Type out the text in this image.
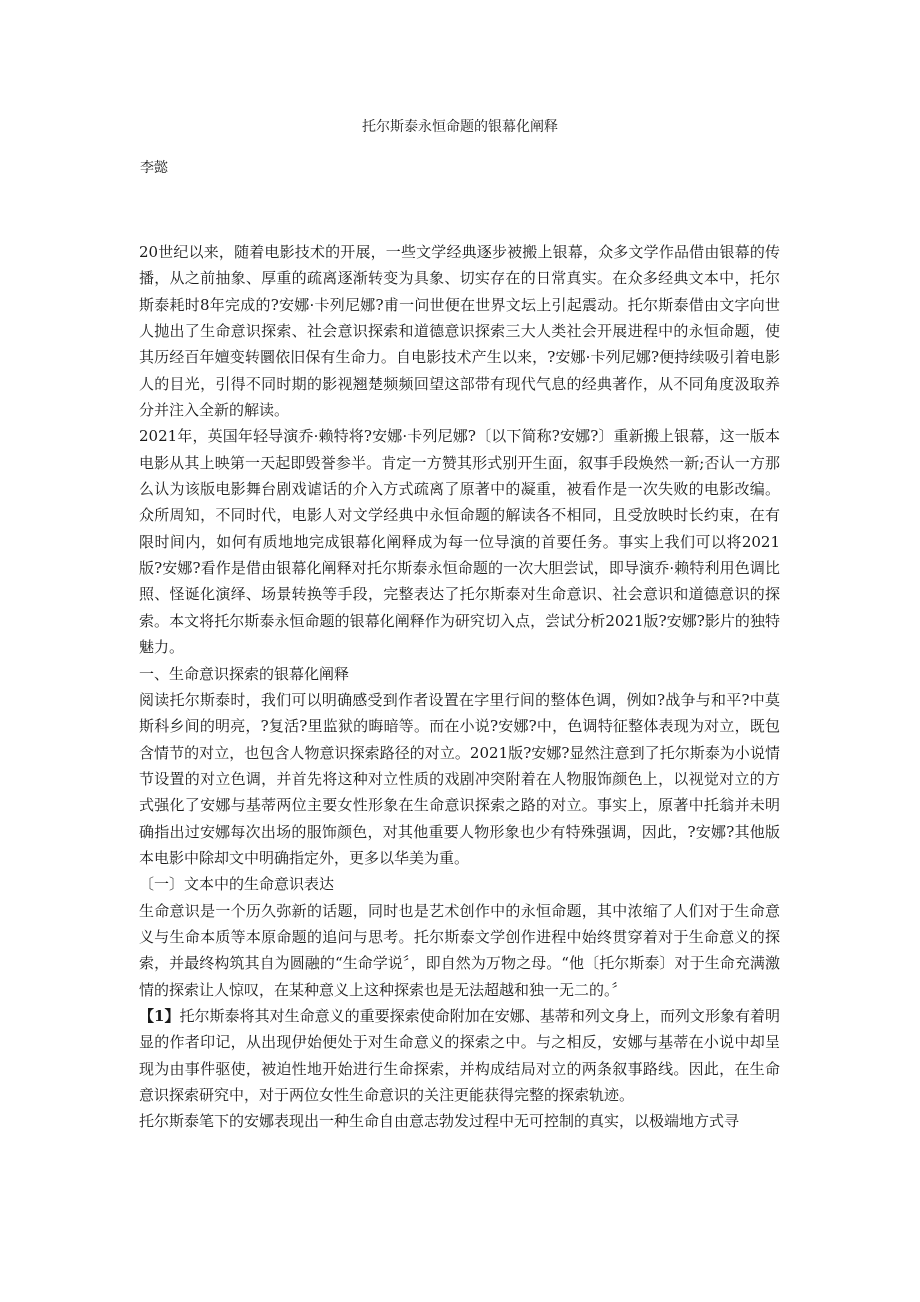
托尔斯泰永恒命题的银幕化阐释
李懿

20世纪以来，随着电影技术的开展，一些文学经典逐步被搬上银幕，众多文学作品借由银幕的传播，从之前抽象、厚重的疏离逐渐转变为具象、切实存在的日常真实。在众多经典文本中，托尔斯泰耗时8年完成的?安娜·卡列尼娜?甫一问世便在世界文坛上引起震动。托尔斯泰借由文字向世人抛出了生命意识探索、社会意识探索和道德意识探索三大人类社会开展进程中的永恒命题，使其历经百年嬗变转圜依旧保有生命力。自电影技术产生以来，?安娜·卡列尼娜?便持续吸引着电影人的目光，引得不同时期的影视翘楚频频回望这部带有现代气息的经典著作，从不同角度汲取养分并注入全新的解读。

2021年，英国年轻导演乔·赖特将?安娜·卡列尼娜?〔以下简称?安娜?〕重新搬上银幕，这一版本电影从其上映第一天起即毁誉参半。肯定一方赞其形式别开生面，叙事手段焕然一新;否认一方那么认为该版电影舞台剧戏谑话的介入方式疏离了原著中的凝重，被看作是一次失败的电影改编。众所周知，不同时代，电影人对文学经典中永恒命题的解读各不相同，且受放映时长约束，在有限时间内，如何有质地地完成银幕化阐释成为每一位导演的首要任务。事实上我们可以将2021版?安娜?看作是借由银幕化阐释对托尔斯泰永恒命题的一次大胆尝试，即导演乔·赖特利用色调比照、怪诞化演绎、场景转换等手段，完整表达了托尔斯泰对生命意识、社会意识和道德意识的探索。本文将托尔斯泰永恒命题的银幕化阐释作为研究切入点，尝试分析2021版?安娜?影片的独特魅力。

一、生命意识探索的银幕化阐释

阅读托尔斯泰时，我们可以明确感受到作者设置在字里行间的整体色调，例如?战争与和平?中莫斯科乡间的明亮，?复活?里监狱的晦暗等。而在小说?安娜?中，色调特征整体表现为对立，既包含情节的对立，也包含人物意识探索路径的对立。2021版?安娜?显然注意到了托尔斯泰为小说情节设置的对立色调，并首先将这种对立性质的戏剧冲突附着在人物服饰颜色上，以视觉对立的方式强化了安娜与基蒂两位主要女性形象在生命意识探索之路的对立。事实上，原著中托翁并未明确指出过安娜每次出场的服饰颜色，对其他重要人物形象也少有特殊强调，因此，?安娜?其他版本电影中除却文中明确指定外，更多以华美为重。

〔一〕文本中的生命意识表达

生命意识是一个历久弥新的话题，同时也是艺术创作中的永恒命题，其中浓缩了人们对于生命意义与生命本质等本原命题的追问与思考。托尔斯泰文学创作进程中始终贯穿着对于生命意义的探索，并最终构筑其自为圆融的“生命学说〞，即自然为万物之母。“他〔托尔斯泰〕对于生命充满激情的探索让人惊叹，在某种意义上这种探索也是无法超越和独一无二的。〞

【1】托尔斯泰将其对生命意义的重要探索使命附加在安娜、基蒂和列文身上，而列文形象有着明显的作者印记，从出现伊始便处于对生命意义的探索之中。与之相反，安娜与基蒂在小说中却呈现为由事件驱使，被迫性地开始进行生命探索，并构成结局对立的两条叙事路线。因此，在生命意识探索研究中，对于两位女性生命意识的关注更能获得完整的探索轨迹。

托尔斯泰笔下的安娜表现出一种生命自由意志勃发过程中无可控制的真实，以极端地方式寻
